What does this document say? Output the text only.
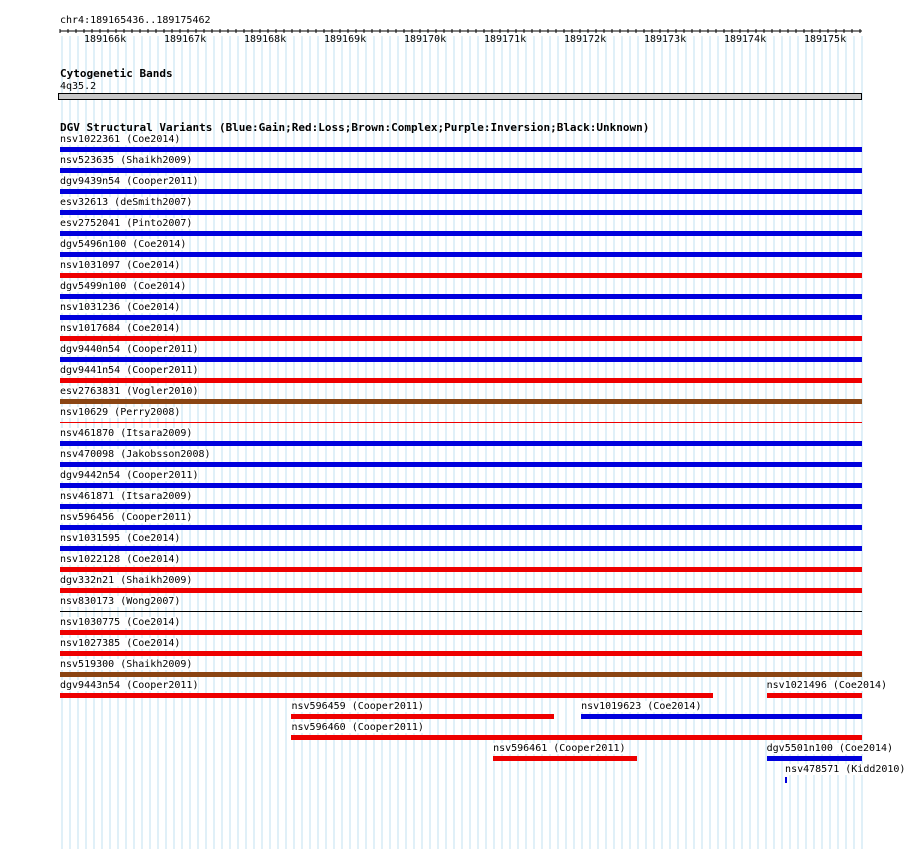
chr4:189165436..189175462
189166k	189167k	189168k	189169k	189170k	189171k	189172k	189173k	189174k	189175k
Cytogenetic Bands
4q35.2
DGV Structural Variants (Blue:Gain;Red:Loss;Brown:Complex;Purple:Inversion;Black:Unknown)
nsv1022361 (Coe2014)
nsv523635 (Shaikh2009)
dgv9439n54 (Cooper2011)
esv32613 (deSmith2007)
esv2752041 (Pinto2007)
dgv5496n100 (Coe2014)
nsv1031097 (Coe2014)
dgv5499n100 (Coe2014)
nsv1031236 (Coe2014)
nsv1017684 (Coe2014)
dgv9440n54 (Cooper2011)
dgv9441n54 (Cooper2011)
esv2763831 (Vogler2010)
nsv10629 (Perry2008)
nsv461870 (Itsara2009)
nsv470098 (Jakobsson2008)
dgv9442n54 (Cooper2011)
nsv461871 (Itsara2009)
nsv596456 (Cooper2011)
nsv1031595 (Coe2014)
nsv1022128 (Coe2014)
dgv332n21 (Shaikh2009)
nsv830173 (Wong2007)
nsv1030775 (Coe2014)
nsv1027385 (Coe2014)
nsv519300 (Shaikh2009)
dgv9443n54 (Cooper2011)	nsv1021496 (Coe2014)
nsv596459 (Cooper2011)	nsv1019623 (Coe2014)
nsv596460 (Cooper2011)
nsv596461 (Cooper2011)	dgv5501n100 (Coe2014)
nsv478571 (Kidd2010)
